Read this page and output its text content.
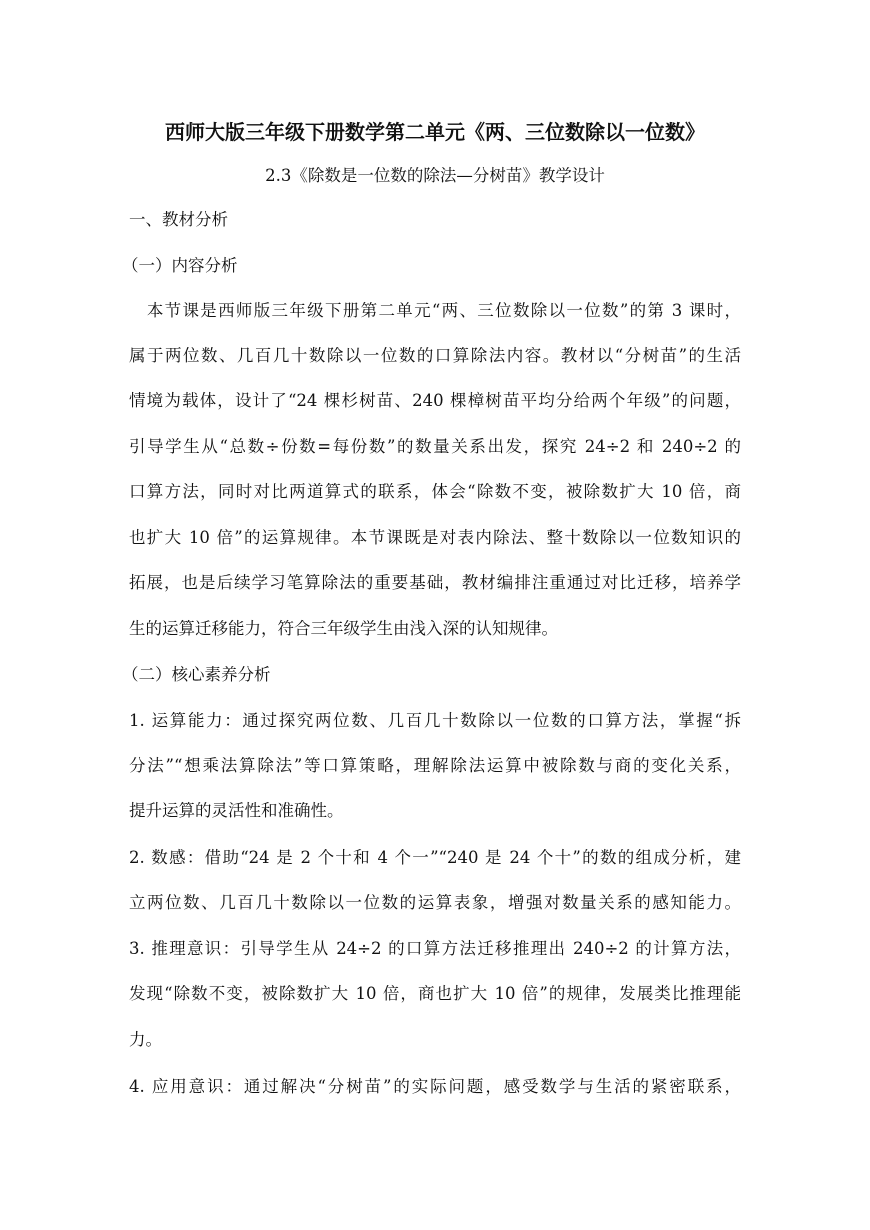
西师大版三年级下册数学第二单元《两、三位数除以一位数》
2.3《除数是一位数的除法—分树苗》教学设计
一、教材分析
（一）内容分析
　本节课是西师版三年级下册第二单元“两、三位数除以一位数”的第 3 课时，
属于两位数、几百几十数除以一位数的口算除法内容。教材以“分树苗”的生活
情境为载体，设计了“24 棵杉树苗、240 棵樟树苗平均分给两个年级”的问题，
引导学生从“总数÷份数=每份数”的数量关系出发，探究 24÷2 和 240÷2 的
口算方法，同时对比两道算式的联系，体会“除数不变，被除数扩大 10 倍，商
也扩大 10 倍”的运算规律。本节课既是对表内除法、整十数除以一位数知识的
拓展，也是后续学习笔算除法的重要基础，教材编排注重通过对比迁移，培养学
生的运算迁移能力，符合三年级学生由浅入深的认知规律。
（二）核心素养分析
1. 运算能力：通过探究两位数、几百几十数除以一位数的口算方法，掌握“拆
分法”“想乘法算除法”等口算策略，理解除法运算中被除数与商的变化关系，
提升运算的灵活性和准确性。
2. 数感：借助“24 是 2 个十和 4 个一”“240 是 24 个十”的数的组成分析，建
立两位数、几百几十数除以一位数的运算表象，增强对数量关系的感知能力。
3. 推理意识：引导学生从 24÷2 的口算方法迁移推理出 240÷2 的计算方法，
发现“除数不变，被除数扩大 10 倍，商也扩大 10 倍”的规律，发展类比推理能
力。
4. 应用意识：通过解决“分树苗”的实际问题，感受数学与生活的紧密联系，
